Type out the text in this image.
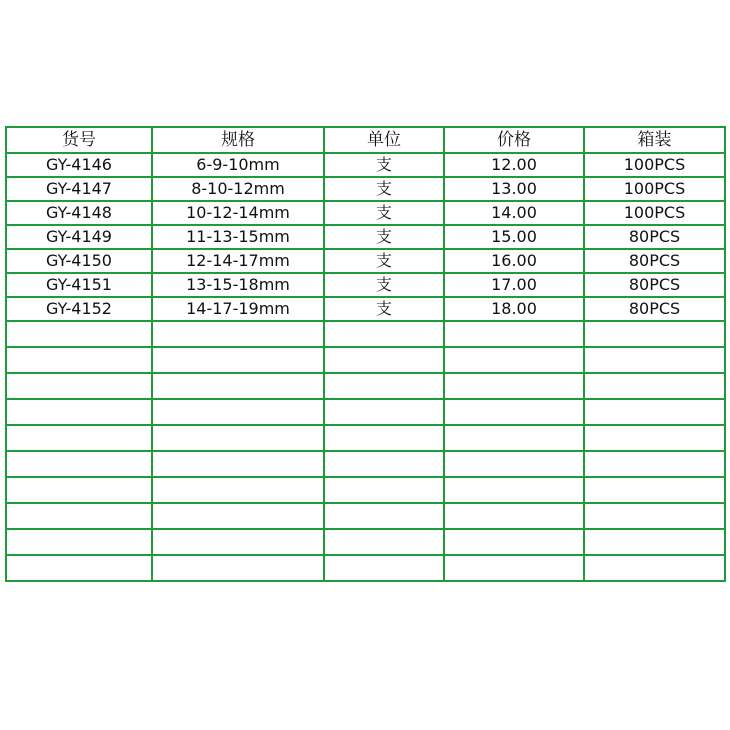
货号	规格	单位	价格	箱装
GY-4146	6-9-10mm	支	12.00	100PCS
GY-4147	8-10-12mm	支	13.00	100PCS
GY-4148	10-12-14mm	支	14.00	100PCS
GY-4149	11-13-15mm	支	15.00	80PCS
GY-4150	12-14-17mm	支	16.00	80PCS
GY-4151	13-15-18mm	支	17.00	80PCS
GY-4152	14-17-19mm	支	18.00	80PCS
